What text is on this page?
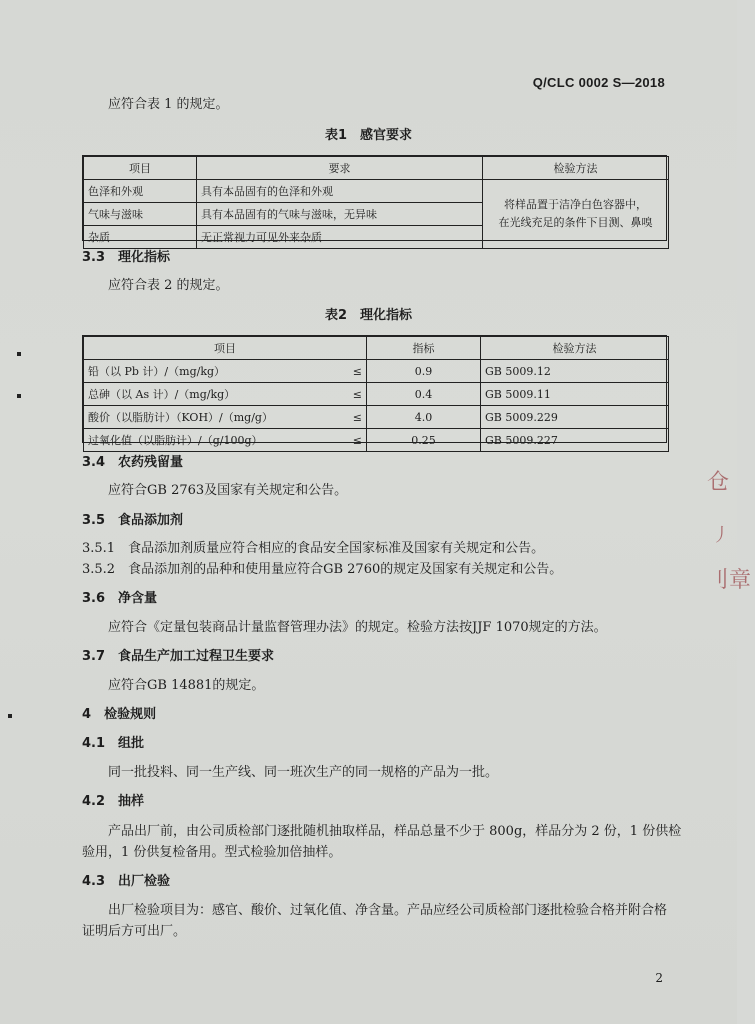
Q/CLC 0002 S—2018
应符合表 1 的规定。
表1　感官要求
项目	要求	检验方法
色泽和外观	具有本品固有的色泽和外观	将样品置于洁净白色容器中，
在光线充足的条件下目测、鼻嗅

气味与滋味	具有本品固有的气味与滋味，无异味	
杂质	无正常视力可见外来杂质	
3.3　 理化指标
应符合表 2 的规定。
表2　理化指标
项目		指标	检验方法
铅（以 Pb 计）/（mg/kg）	≤	0.9	GB 5009.12
总砷（以 As 计）/（mg/kg）	≤	0.4	GB 5009.11
酸价（以脂肪计）（KOH）/（mg/g）	≤	4.0	GB 5009.229
过氧化值（以脂肪计）/（g/100g）	≤	0.25	GB 5009.227
3.4　 农药残留量
应符合GB 2763及国家有关规定和公告。
3.5　 食品添加剂
3.5.1　 食品添加剂质量应符合相应的食品安全国家标准及国家有关规定和公告。
3.5.2　 食品添加剂的品种和使用量应符合GB 2760的规定及国家有关规定和公告。
3.6　 净含量
应符合《定量包装商品计量监督管理办法》的规定。检验方法按JJF 1070规定的方法。
3.7　 食品生产加工过程卫生要求
应符合GB 14881的规定。
4　 检验规则
4.1　 组批
同一批投料、同一生产线、同一班次生产的同一规格的产品为一批。
4.2　 抽样
产品出厂前，由公司质检部门逐批随机抽取样品，样品总量不少于 800g，样品分为 2 份，1 份供检
验用，1 份供复检备用。型式检验加倍抽样。
4.3　 出厂检验
出厂检验项目为：感官、酸价、过氧化值、净含量。产品应经公司质检部门逐批检验合格并附合格
证明后方可出厂。
2
仓
丿
刂章
